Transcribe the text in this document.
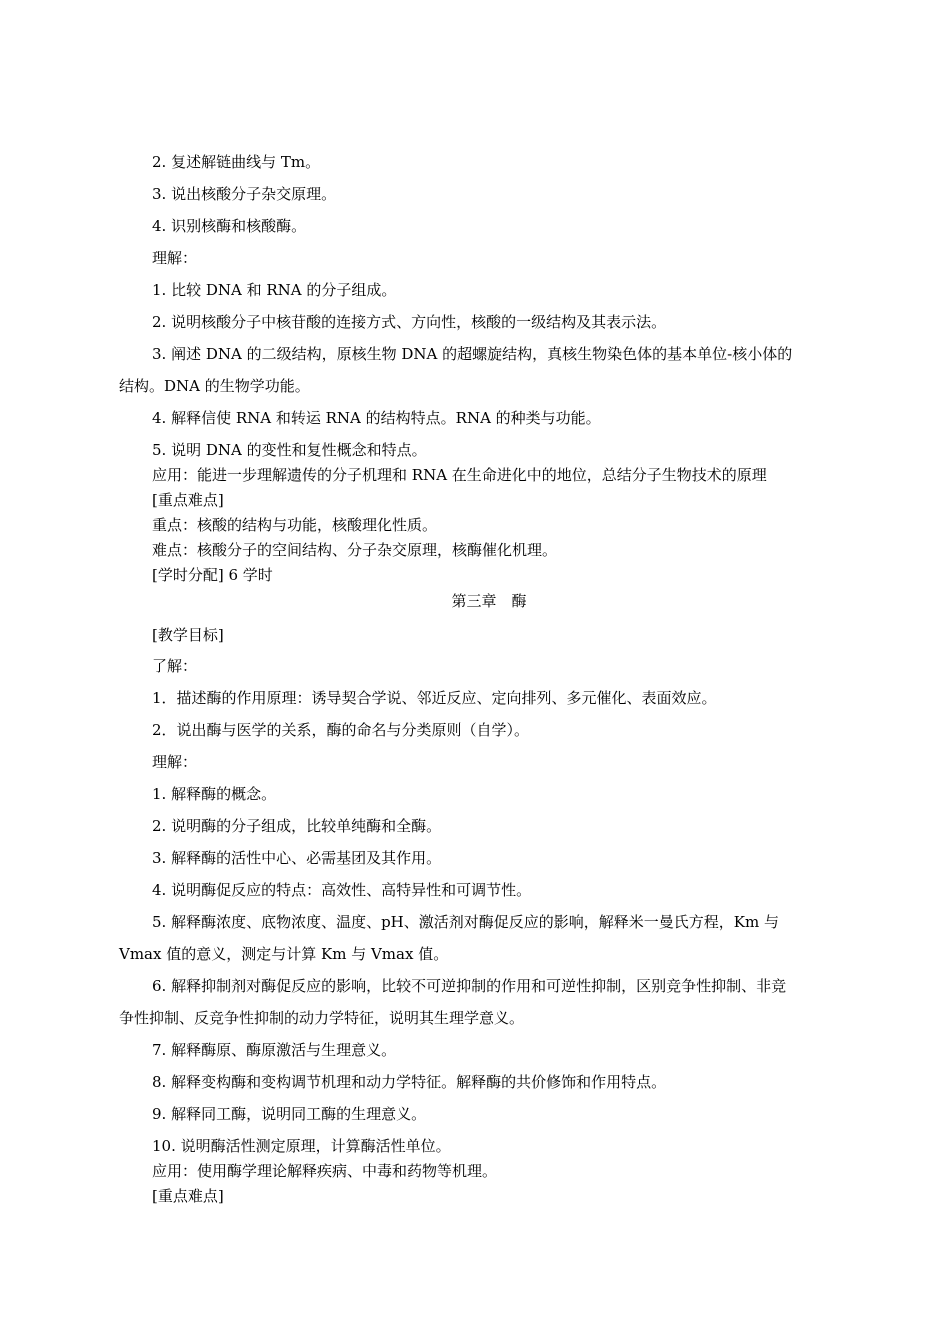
2. 复述解链曲线与 Tm。
3. 说出核酸分子杂交原理。
4. 识别核酶和核酸酶。
理解：
1. 比较 DNA 和 RNA 的分子组成。
2. 说明核酸分子中核苷酸的连接方式、方向性，核酸的一级结构及其表示法。
3. 阐述 DNA 的二级结构，原核生物 DNA 的超螺旋结构，真核生物染色体的基本单位-核小体的
结构。DNA 的生物学功能。
4. 解释信使 RNA 和转运 RNA 的结构特点。RNA 的种类与功能。
5. 说明 DNA 的变性和复性概念和特点。
应用：能进一步理解遗传的分子机理和 RNA 在生命进化中的地位，总结分子生物技术的原理
[重点难点]
重点：核酸的结构与功能，核酸理化性质。
难点：核酸分子的空间结构、分子杂交原理，核酶催化机理。
[学时分配] 6 学时
第三章　酶
[教学目标]
了解：
1．描述酶的作用原理：诱导契合学说、邻近反应、定向排列、多元催化、表面效应。
2．说出酶与医学的关系，酶的命名与分类原则（自学）。
理解：
1. 解释酶的概念。
2. 说明酶的分子组成，比较单纯酶和全酶。
3. 解释酶的活性中心、必需基团及其作用。
4. 说明酶促反应的特点：高效性、高特异性和可调节性。
5. 解释酶浓度、底物浓度、温度、pH、激活剂对酶促反应的影响，解释米一曼氏方程，Km 与
Vmax 值的意义，测定与计算 Km 与 Vmax 值。
6. 解释抑制剂对酶促反应的影响，比较不可逆抑制的作用和可逆性抑制，区别竞争性抑制、非竞
争性抑制、反竞争性抑制的动力学特征，说明其生理学意义。
7. 解释酶原、酶原激活与生理意义。
8. 解释变构酶和变构调节机理和动力学特征。解释酶的共价修饰和作用特点。
9. 解释同工酶，说明同工酶的生理意义。
10. 说明酶活性测定原理，计算酶活性单位。
应用：使用酶学理论解释疾病、中毒和药物等机理。
[重点难点]
